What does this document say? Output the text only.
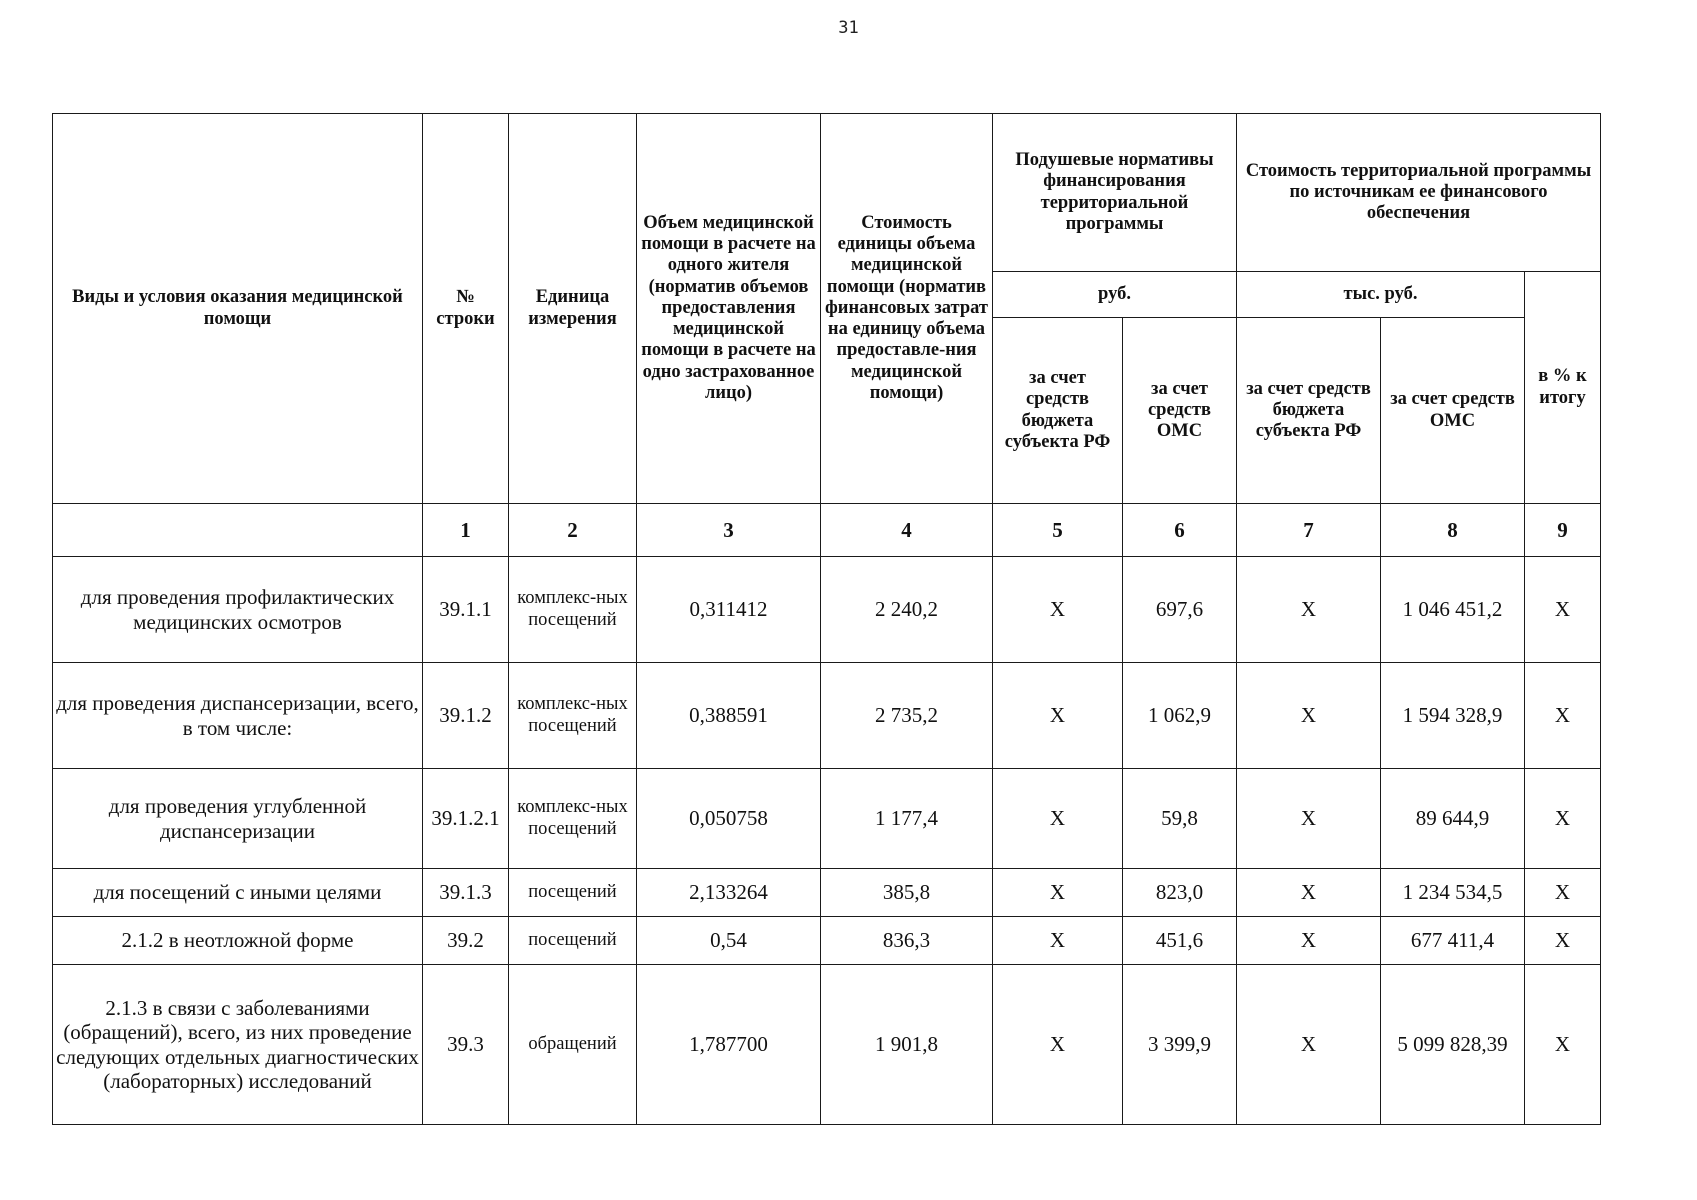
31
Виды и условия оказания медицинской помощи	№ строки	Единица измерения	Объем медицинской помощи в расчете на одного жителя (норматив объемов предоставления медицинской помощи в расчете на одно застрахованное лицо)	Стоимость единицы объема медицинской помощи (норматив финансовых затрат на единицу объема предоставле-ния медицинской помощи)	Подушевые нормативы финансирования территориальной программы		Стоимость территориальной программы по источникам ее финансового обеспечения		
					руб.		тыс. руб.		в % к итогу
					за счет средств бюджета субъекта РФ	за счет средств ОМС	за счет средств бюджета субъекта РФ	за счет средств ОМС	
	1	2	3	4	5	6	7	8	9
для проведения профилактических медицинских осмотров	39.1.1	комплекс-ных посещений	0,311412	2 240,2	X	697,6	X	1 046 451,2	X
для проведения диспансеризации, всего, в том числе:	39.1.2	комплекс-ных посещений	0,388591	2 735,2	X	1 062,9	X	1 594 328,9	X
для проведения углубленной диспансеризации	39.1.2.1	комплекс-ных посещений	0,050758	1 177,4	X	59,8	X	89 644,9	X
для посещений с иными целями	39.1.3	посещений	2,133264	385,8	X	823,0	X	1 234 534,5	X
2.1.2 в неотложной форме	39.2	посещений	0,54	836,3	X	451,6	X	677 411,4	X
2.1.3 в связи с заболеваниями (обращений), всего, из них проведение следующих отдельных диагностических (лабораторных) исследований	39.3	обращений	1,787700	1 901,8	X	3 399,9	X	5 099 828,39	X
